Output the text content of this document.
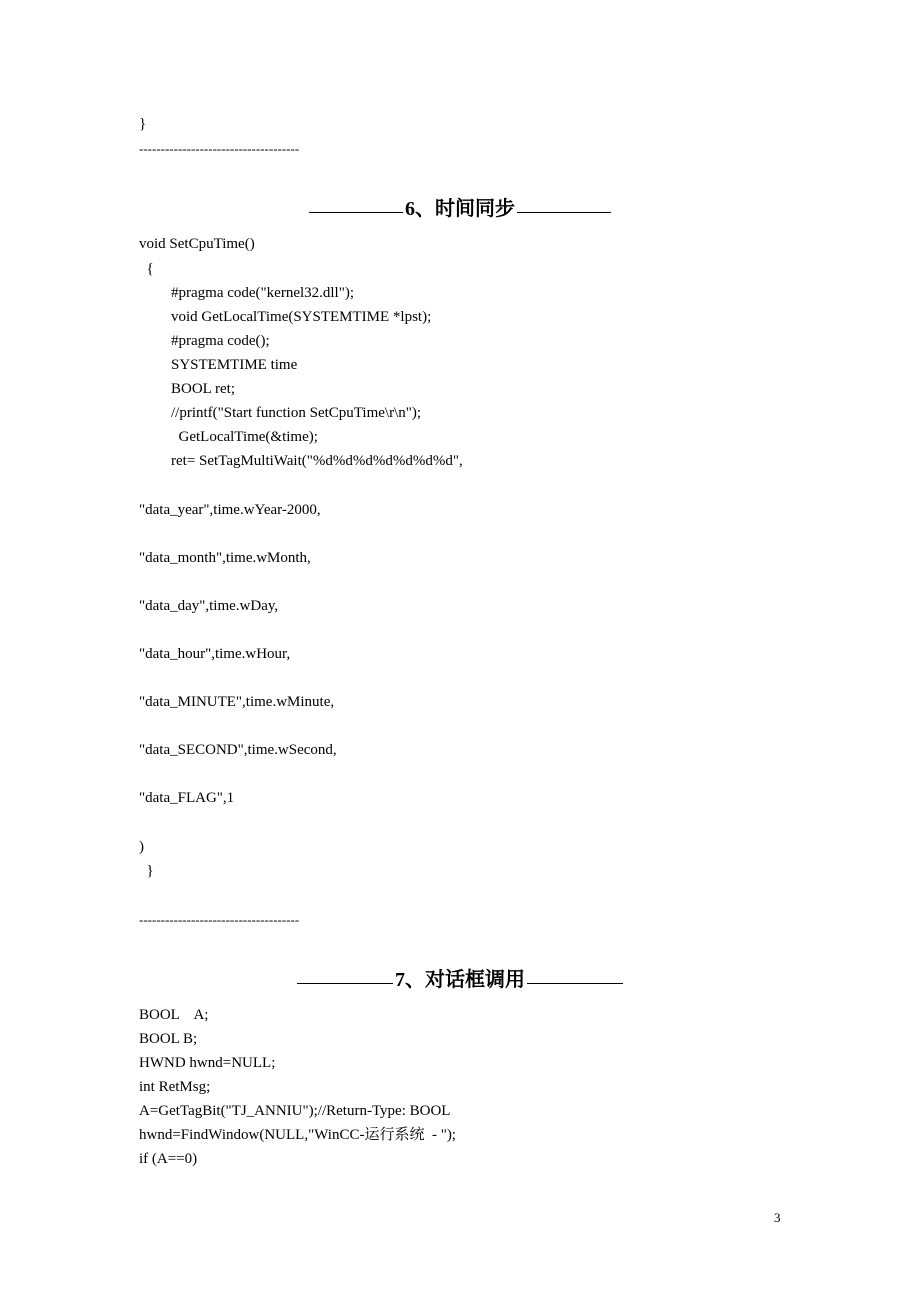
}
-------------------------------------
6、时间同步
void SetCpuTime()
{
#pragma code("kernel32.dll");
void GetLocalTime(SYSTEMTIME *lpst);
#pragma code();
SYSTEMTIME time
BOOL ret;
//printf("Start function SetCpuTime\r\n");
GetLocalTime(&time);
ret= SetTagMultiWait("%d%d%d%d%d%d%d",
"data_year",time.wYear-2000,
"data_month",time.wMonth,
"data_day",time.wDay,
"data_hour",time.wHour,
"data_MINUTE",time.wMinute,
"data_SECOND",time.wSecond,
"data_FLAG",1
)
}
-------------------------------------
7、对话框调用
BOOL    A;
BOOL B;
HWND hwnd=NULL;
int RetMsg;
A=GetTagBit("TJ_ANNIU");//Return-Type: BOOL
hwnd=FindWindow(NULL,"WinCC-运行系统  - ");
if (A==0)
3
